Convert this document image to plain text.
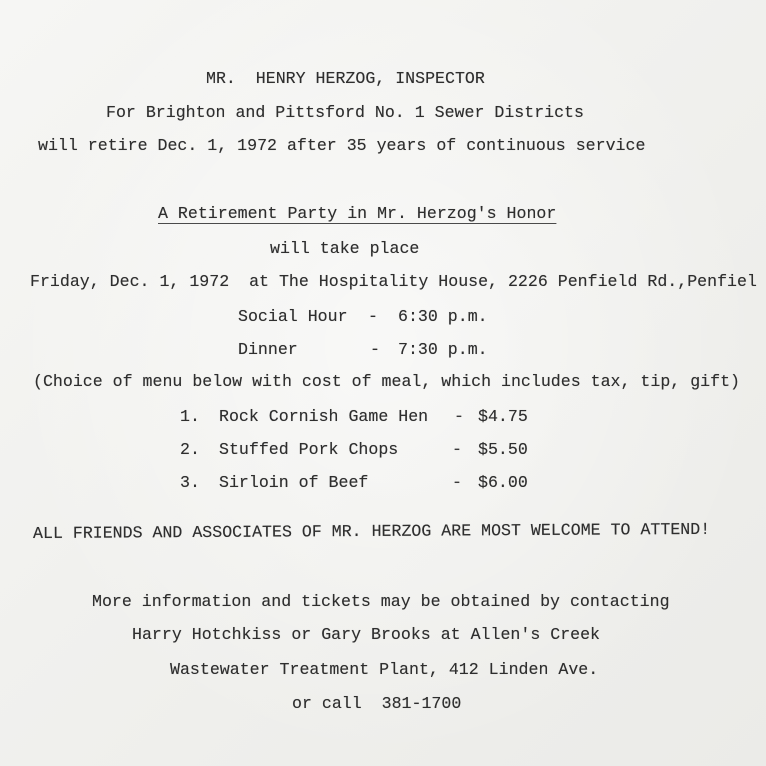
MR.  HENRY HERZOG, INSPECTOR
For Brighton and Pittsford No. 1 Sewer Districts
will retire Dec. 1, 1972 after 35 years of continuous service
A Retirement Party in Mr. Herzog's Honor
will take place
Friday, Dec. 1, 1972  at The Hospitality House, 2226 Penfield Rd.,Penfiel
Social Hour - 6:30 p.m.
Dinner	- 7:30 p.m.
(Choice of menu below with cost of meal, which includes tax, tip, gift)
1. Rock Cornish Game Hen - $4.75
2. Stuffed Pork Chops	- $5.50
3. Sirloin of Beef	- $6.00
ALL FRIENDS AND ASSOCIATES OF MR. HERZOG ARE MOST WELCOME TO ATTEND!
More information and tickets may be obtained by contacting
Harry Hotchkiss or Gary Brooks at Allen's Creek
Wastewater Treatment Plant, 412 Linden Ave.
or call  381-1700
